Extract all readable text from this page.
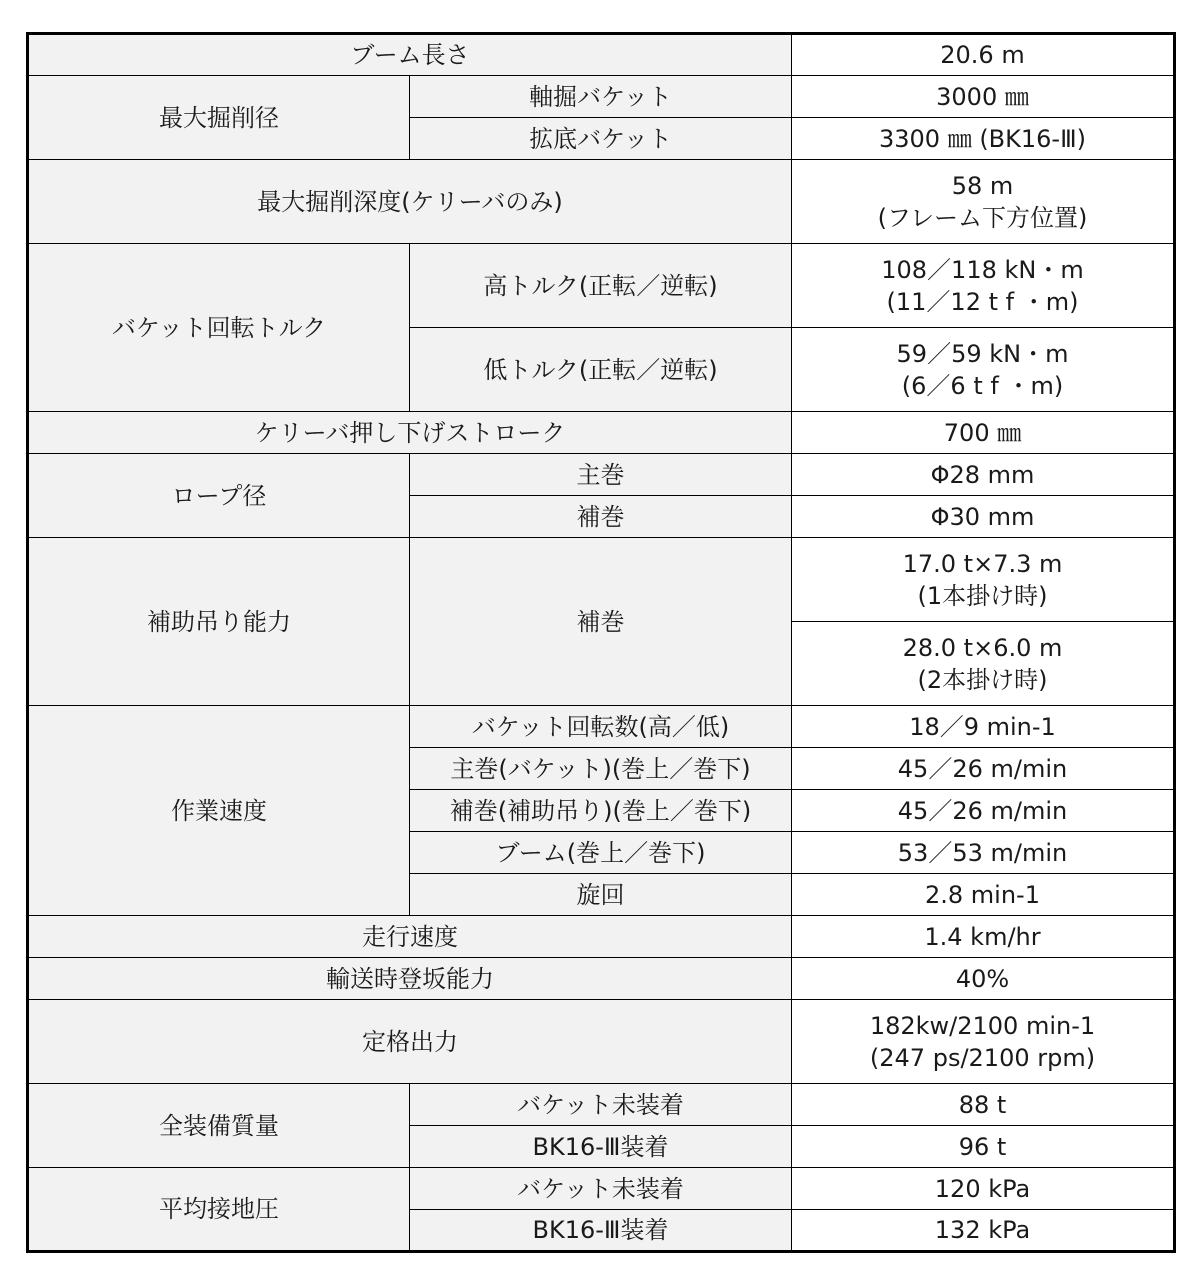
ブーム長さ		20.6 m
最大掘削径	軸掘バケット	3000 ㎜
	拡底バケット	3300 ㎜ (BK16-Ⅲ)
最大掘削深度(ケリーバのみ)		58 m
(フレーム下方位置)

バケット回転トルク	高トルク(正転／逆転)	108／118 kN・m
(11／12 t f ・m)

	低トルク(正転／逆転)	59／59 kN・m
(6／6 t f ・m)

ケリーバ押し下げストローク		700 ㎜
ロープ径	主巻	Φ28 mm
	補巻	Φ30 mm
補助吊り能力	補巻	17.0 t×7.3 m
(1本掛け時)

		28.0 t×6.0 m
(2本掛け時)

作業速度	バケット回転数(高／低)	18／9 min-1
	主巻(バケット)(巻上／巻下)	45／26 m/min
	補巻(補助吊り)(巻上／巻下)	45／26 m/min
	ブーム(巻上／巻下)	53／53 m/min
	旋回	2.8 min-1
走行速度		1.4 km/hr
輸送時登坂能力		40%
定格出力		182kw/2100 min-1
(247 ps/2100 rpm)

全装備質量	バケット未装着	88 t
	BK16-Ⅲ装着	96 t
平均接地圧	バケット未装着	120 kPa
	BK16-Ⅲ装着	132 kPa
